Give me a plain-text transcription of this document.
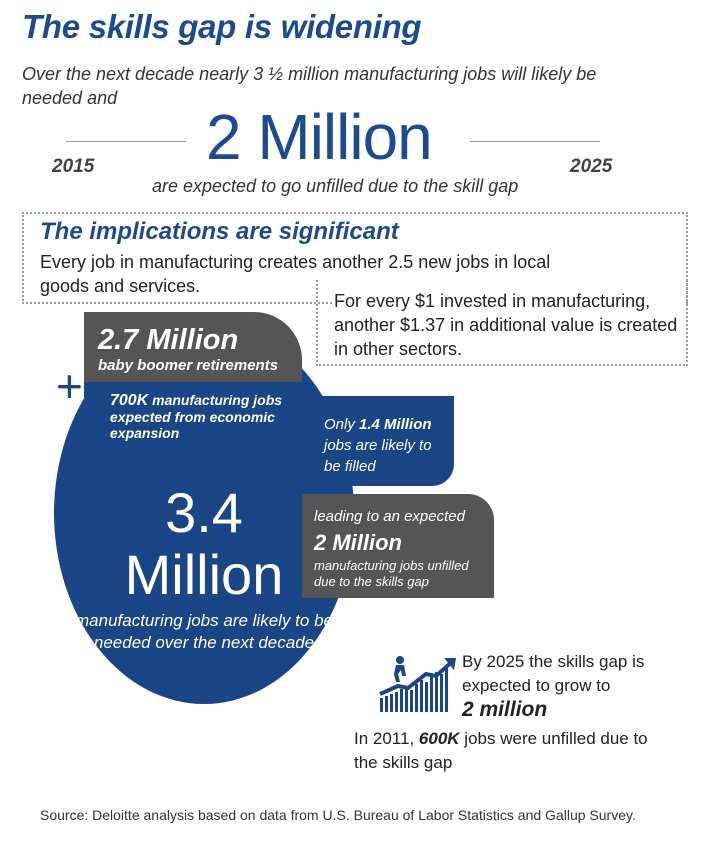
The skills gap is widening
Over the next decade nearly 3 ½ million manufacturing jobs will likely be needed and
2015	2025
2 Million
are expected to go unfilled due to the skill gap
The implications are significant
Every job in manufacturing creates another 2.5 new jobs in local goods and services.
For every $1 invested in manufacturing, another $1.37 in additional value is created in other sectors.
2.7 Million
baby boomer retirements
700K manufacturing jobs expected from economic expansion
+
3.4
Million
manufacturing jobs are likely to be needed over the next decade
Only 1.4 Million jobs are likely to be filled
leading to an expected
2 Million
manufacturing jobs unfilled due to the skills gap
By 2025 the skills gap is expected to grow to
2 million
In 2011, 600K jobs were unfilled due to the skills gap
Source: Deloitte analysis based on data from U.S. Bureau of Labor Statistics and Gallup Survey.
